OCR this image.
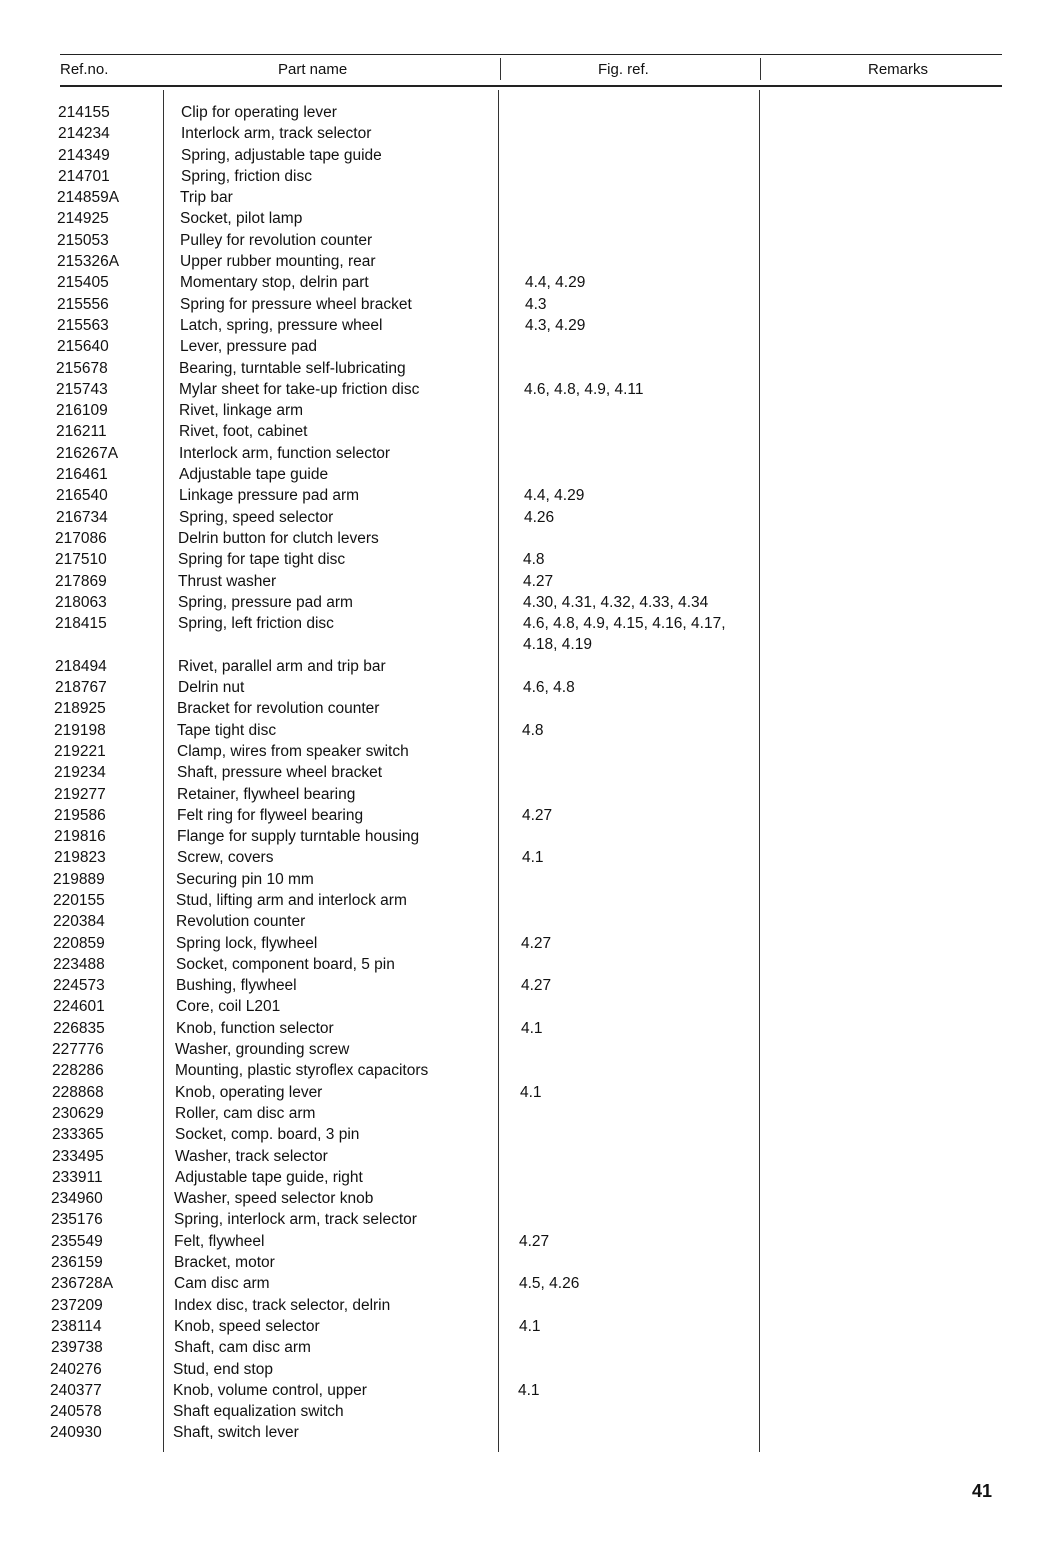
Ref.no.	Part name	Fig. ref.	Remarks
214155	Clip for operating lever
214234	Interlock arm, track selector
214349	Spring, adjustable tape guide
214701	Spring, friction disc
214859A	Trip bar
214925	Socket, pilot lamp
215053	Pulley for revolution counter
215326A	Upper rubber mounting, rear
215405	Momentary stop, delrin part	4.4, 4.29
215556	Spring for pressure wheel bracket	4.3
215563	Latch, spring, pressure wheel	4.3, 4.29
215640	Lever, pressure pad
215678	Bearing, turntable self-lubricating
215743	Mylar sheet for take-up friction disc	4.6, 4.8, 4.9, 4.11
216109	Rivet, linkage arm
216211	Rivet, foot, cabinet
216267A	Interlock arm, function selector
216461	Adjustable tape guide
216540	Linkage pressure pad arm	4.4, 4.29
216734	Spring, speed selector	4.26
217086	Delrin button for clutch levers
217510	Spring for tape tight disc	4.8
217869	Thrust washer	4.27
218063	Spring, pressure pad arm	4.30, 4.31, 4.32, 4.33, 4.34
218415	Spring, left friction disc	4.6, 4.8, 4.9, 4.15, 4.16, 4.17, 4.18, 4.19
218494	Rivet, parallel arm and trip bar
218767	Delrin nut	4.6, 4.8
218925	Bracket for revolution counter
219198	Tape tight disc	4.8
219221	Clamp, wires from speaker switch
219234	Shaft, pressure wheel bracket
219277	Retainer, flywheel bearing
219586	Felt ring for flyweel bearing	4.27
219816	Flange for supply turntable housing
219823	Screw, covers	4.1
219889	Securing pin 10 mm
220155	Stud, lifting arm and interlock arm
220384	Revolution counter
220859	Spring lock, flywheel	4.27
223488	Socket, component board, 5 pin
224573	Bushing, flywheel	4.27
224601	Core, coil L201
226835	Knob, function selector	4.1
227776	Washer, grounding screw
228286	Mounting, plastic styroflex capacitors
228868	Knob, operating lever	4.1
230629	Roller, cam disc arm
233365	Socket, comp. board, 3 pin
233495	Washer, track selector
233911	Adjustable tape guide, right
234960	Washer, speed selector knob
235176	Spring, interlock arm, track selector
235549	Felt, flywheel	4.27
236159	Bracket, motor
236728A	Cam disc arm	4.5, 4.26
237209	Index disc, track selector, delrin
238114	Knob, speed selector	4.1
239738	Shaft, cam disc arm
240276	Stud, end stop
240377	Knob, volume control, upper	4.1
240578	Shaft equalization switch
240930	Shaft, switch lever
41
